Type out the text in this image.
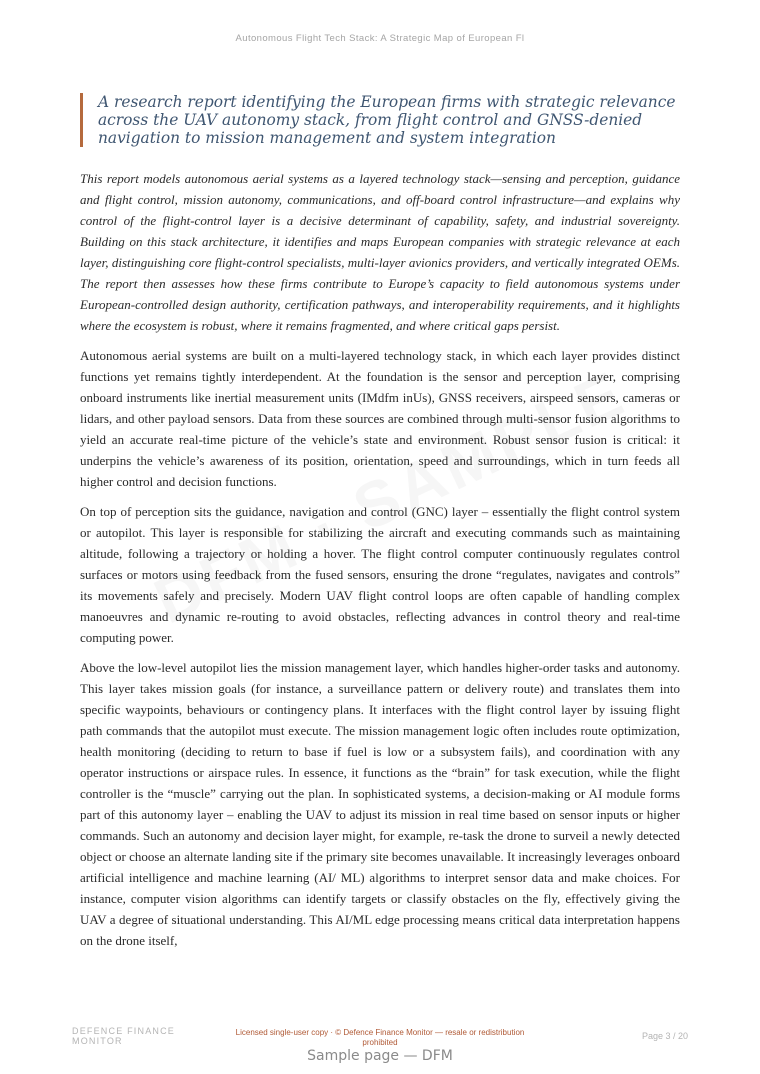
Autonomous Flight Tech Stack: A Strategic Map of European Fl

A research report identifying the European firms with strategic relevance across the UAV autonomy stack, from flight control and GNSS-denied navigation to mission management and system integration

This report models autonomous aerial systems as a layered technology stack—sensing and perception, guidance and flight control, mission autonomy, communications, and off-board control infrastructure—and explains why control of the flight-control layer is a decisive determinant of capability, safety, and industrial sovereignty. Building on this stack architecture, it identifies and maps European companies with strategic relevance at each layer, distinguishing core flight-control specialists, multi-layer avionics providers, and vertically integrated OEMs. The report then assesses how these firms contribute to Europe’s capacity to field autonomous systems under European-controlled design authority, certification pathways, and interoperability requirements, and it highlights where the ecosystem is robust, where it remains fragmented, and where critical gaps persist.

Autonomous aerial systems are built on a multi-layered technology stack, in which each layer provides distinct functions yet remains tightly interdependent. At the foundation is the sensor and perception layer, comprising onboard instruments like inertial measurement units (IMdfm inUs), GNSS receivers, airspeed sensors, cameras or lidars, and other payload sensors. Data from these sources are combined through multi-sensor fusion algorithms to yield an accurate real-time picture of the vehicle’s state and environment. Robust sensor fusion is critical: it underpins the vehicle’s awareness of its position, orientation, speed and surroundings, which in turn feeds all higher control and decision functions.

On top of perception sits the guidance, navigation and control (GNC) layer – essentially the flight control system or autopilot. This layer is responsible for stabilizing the aircraft and executing commands such as maintaining altitude, following a trajectory or holding a hover. The flight control computer continuously regulates control surfaces or motors using feedback from the fused sensors, ensuring the drone “regulates, navigates and controls” its movements safely and precisely. Modern UAV flight control loops are often capable of handling complex manoeuvres and dynamic re-routing to avoid obstacles, reflecting advances in control theory and real-time computing power.

Above the low-level autopilot lies the mission management layer, which handles higher-order tasks and autonomy. This layer takes mission goals (for instance, a surveillance pattern or delivery route) and translates them into specific waypoints, behaviours or contingency plans. It interfaces with the flight control layer by issuing flight path commands that the autopilot must execute. The mission management logic often includes route optimization, health monitoring (deciding to return to base if fuel is low or a subsystem fails), and coordination with any operator instructions or airspace rules. In essence, it functions as the “brain” for task execution, while the flight controller is the “muscle” carrying out the plan. In sophisticated systems, a decision-making or AI module forms part of this autonomy layer – enabling the UAV to adjust its mission in real time based on sensor inputs or higher commands. Such an autonomy and decision layer might, for example, re-task the drone to surveil a newly detected object or choose an alternate landing site if the primary site becomes unavailable. It increasingly leverages onboard artificial intelligence and machine learning (AI/ ML) algorithms to interpret sensor data and make choices. For instance, computer vision algorithms can identify targets or classify obstacles on the fly, effectively giving the UAV a degree of situational understanding. This AI/ML edge processing means critical data interpretation happens on the drone itself,

DEFENCE FINANCE MONITOR
Licensed single-user copy · © Defence Finance Monitor — resale or redistribution prohibited
Page 3 / 20
Sample page — DFM
